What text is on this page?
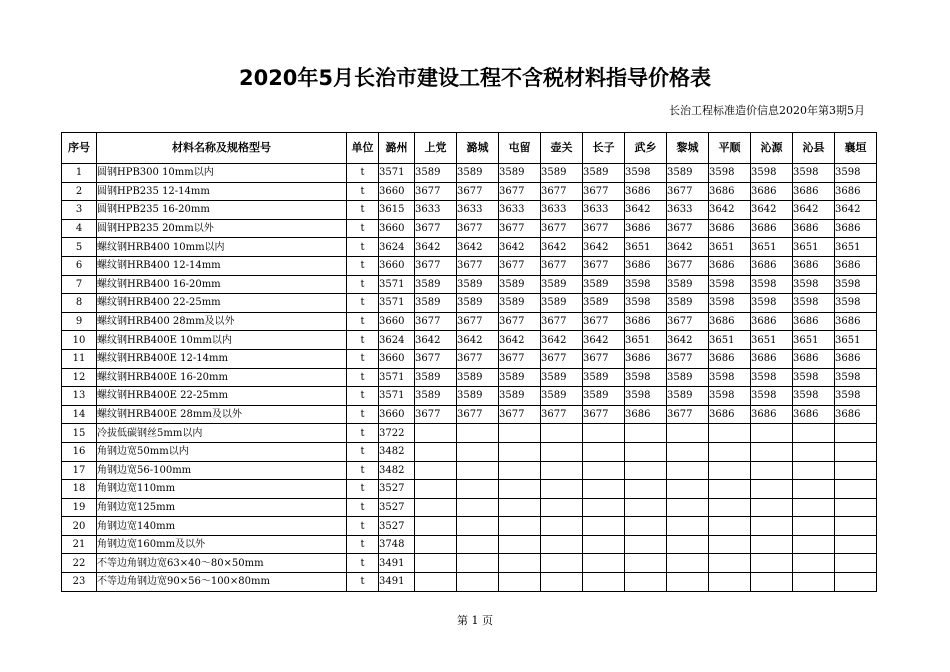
2020年5月长治市建设工程不含税材料指导价格表
长治工程标准造价信息2020年第3期5月
序号	材料名称及规格型号	单位	潞州	上党	潞城	屯留	壶关	长子	武乡	黎城	平顺	沁源	沁县	襄垣
1	圆钢HPB300 10mm以内	t	3571	3589	3589	3589	3589	3589	3598	3589	3598	3598	3598	3598
2	圆钢HPB235 12-14mm	t	3660	3677	3677	3677	3677	3677	3686	3677	3686	3686	3686	3686
3	圆钢HPB235 16-20mm	t	3615	3633	3633	3633	3633	3633	3642	3633	3642	3642	3642	3642
4	圆钢HPB235 20mm以外	t	3660	3677	3677	3677	3677	3677	3686	3677	3686	3686	3686	3686
5	螺纹钢HRB400 10mm以内	t	3624	3642	3642	3642	3642	3642	3651	3642	3651	3651	3651	3651
6	螺纹钢HRB400 12-14mm	t	3660	3677	3677	3677	3677	3677	3686	3677	3686	3686	3686	3686
7	螺纹钢HRB400 16-20mm	t	3571	3589	3589	3589	3589	3589	3598	3589	3598	3598	3598	3598
8	螺纹钢HRB400 22-25mm	t	3571	3589	3589	3589	3589	3589	3598	3589	3598	3598	3598	3598
9	螺纹钢HRB400 28mm及以外	t	3660	3677	3677	3677	3677	3677	3686	3677	3686	3686	3686	3686
10	螺纹钢HRB400E 10mm以内	t	3624	3642	3642	3642	3642	3642	3651	3642	3651	3651	3651	3651
11	螺纹钢HRB400E 12-14mm	t	3660	3677	3677	3677	3677	3677	3686	3677	3686	3686	3686	3686
12	螺纹钢HRB400E 16-20mm	t	3571	3589	3589	3589	3589	3589	3598	3589	3598	3598	3598	3598
13	螺纹钢HRB400E 22-25mm	t	3571	3589	3589	3589	3589	3589	3598	3589	3598	3598	3598	3598
14	螺纹钢HRB400E 28mm及以外	t	3660	3677	3677	3677	3677	3677	3686	3677	3686	3686	3686	3686
15	冷拔低碳钢丝5mm以内	t	3722											
16	角钢边宽50mm以内	t	3482											
17	角钢边宽56-100mm	t	3482											
18	角钢边宽110mm	t	3527											
19	角钢边宽125mm	t	3527											
20	角钢边宽140mm	t	3527											
21	角钢边宽160mm及以外	t	3748											
22	不等边角钢边宽63×40～80×50mm	t	3491											
23	不等边角钢边宽90×56～100×80mm	t	3491											
第 1 页
